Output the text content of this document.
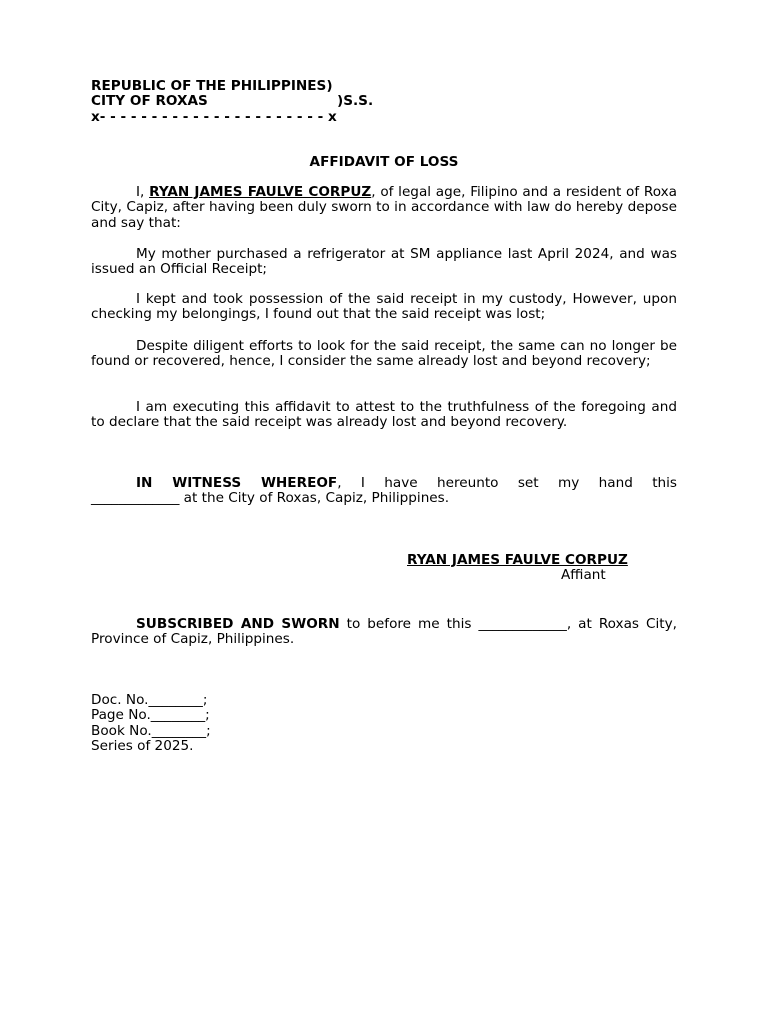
REPUBLIC OF THE PHILIPPINES)
CITY OF ROXAS	)S.S.
x- - - - - - - - - - - - - - - - - - - - - - x
AFFIDAVIT OF LOSS
I, RYAN JAMES FAULVE CORPUZ, of legal age, Filipino and a resident of Roxa City, Capiz, after having been duly sworn to in accordance with law do hereby depose and say that:
My mother purchased a refrigerator at SM appliance last April 2024, and was issued an Official Receipt;
I kept and took possession of the said receipt in my custody, However, upon checking my belongings, I found out that the said receipt was lost;
Despite diligent efforts to look for the said receipt, the same can no longer be found or recovered, hence, I consider the same already lost and beyond recovery;
I am executing this affidavit to attest to the truthfulness of the foregoing and to declare that the said receipt was already lost and beyond recovery.
IN WITNESS WHEREOF, I have hereunto set my hand this
_____________ at the City of Roxas, Capiz, Philippines.
RYAN JAMES FAULVE CORPUZ
Affiant
SUBSCRIBED AND SWORN to before me this _____________, at Roxas City, Province of Capiz, Philippines.
Doc. No.________;
Page No.________;
Book No.________;
Series of 2025.
